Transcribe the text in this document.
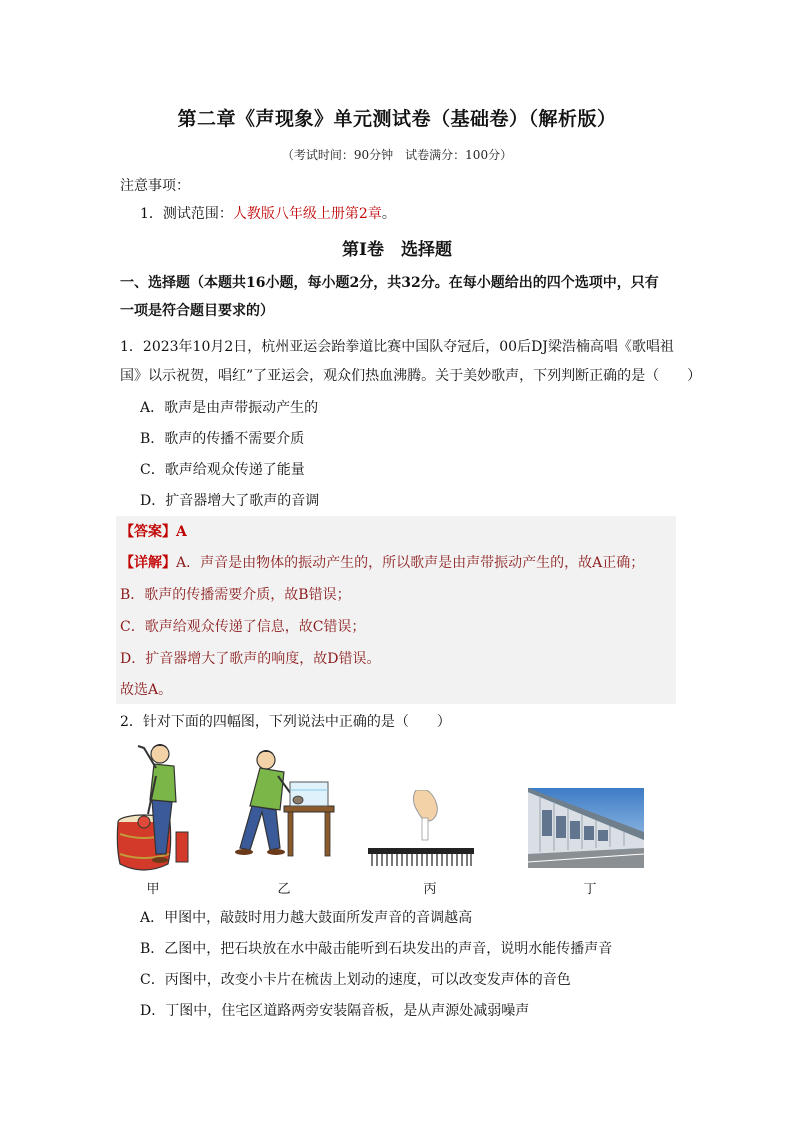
第二章《声现象》单元测试卷（基础卷）（解析版）
（考试时间：90分钟　试卷满分：100分）
注意事项：
1．测试范围：人教版八年级上册第2章。
第Ⅰ卷　选择题
一、选择题（本题共16小题，每小题2分，共32分。在每小题给出的四个选项中，只有
一项是符合题目要求的）
1．2023年10月2日，杭州亚运会跆拳道比赛中国队夺冠后，00后DJ梁浩楠高唱《歌唱祖
国》以示祝贺，唱红”了亚运会，观众们热血沸腾。关于美妙歌声，下列判断正确的是（　　）
A．歌声是由声带振动产生的
B．歌声的传播不需要介质
C．歌声给观众传递了能量
D．扩音器增大了歌声的音调
【答案】A
【详解】A．声音是由物体的振动产生的，所以歌声是由声带振动产生的，故A正确；
B．歌声的传播需要介质，故B错误；
C．歌声给观众传递了信息，故C错误；
D．扩音器增大了歌声的响度，故D错误。
故选A。
2．针对下面的四幅图，下列说法中正确的是（　　）
甲	乙	丙	丁
A．甲图中，敲鼓时用力越大鼓面所发声音的音调越高
B．乙图中，把石块放在水中敲击能听到石块发出的声音，说明水能传播声音
C．丙图中，改变小卡片在梳齿上划动的速度，可以改变发声体的音色
D．丁图中，住宅区道路两旁安装隔音板，是从声源处减弱噪声
